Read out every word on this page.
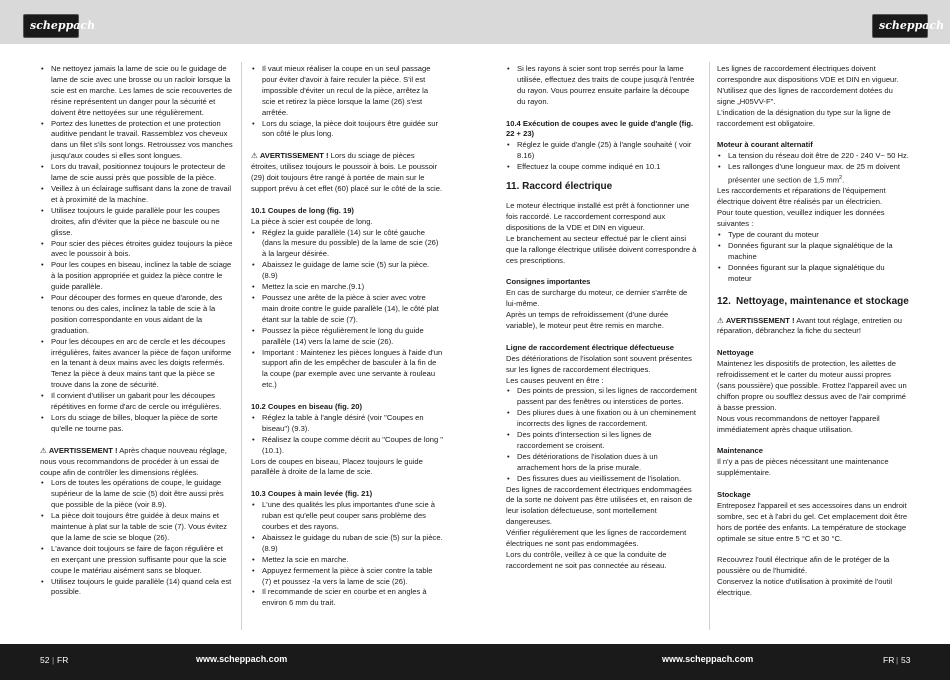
scheppach	scheppach
• Ne nettoyez jamais la lame de scie ou le guidage de lame de scie avec une brosse ou un racloir lorsque la scie est en marche. Les lames de scie recouvertes de résine représentent un danger pour la sécurité et doivent être nettoyées sur une régulièrement.
• Portez des lunettes de protection et une protection auditive pendant le travail. Rassemblez vos cheveux dans un filet s'ils sont longs. Retroussez vos manches jusqu'aux coudes si elles sont longues.
• Lors du travail, positionnez toujours le protecteur de lame de scie aussi près que possible de la pièce.
• Veillez à un éclairage suffisant dans la zone de travail et à proximité de la machine.
• Utilisez toujours le guide parallèle pour les coupes droites, afin d'éviter que la pièce ne bascule ou ne glisse.
• Pour scier des pièces étroites guidez toujours la pièce avec le poussoir à bois.
• Pour les coupes en biseau, inclinez la table de sciage à la position appropriée et guidez la pièce contre le guide parallèle.
• Pour découper des formes en queue d'aronde, des tenons ou des cales, inclinez la table de scie à la position correspondante en vous aidant de la graduation.
• Pour les découpes en arc de cercle et les découpes irrégulières, faites avancer la pièce de façon uniforme en la tenant à deux mains avec les doigts refermés. Tenez la pièce à deux mains tant que la pièce se trouve dans la zone de sécurité.
• Il convient d'utiliser un gabarit pour les découpes répétitives en forme d'arc de cercle ou irrégulières.
• Lors du sciage de billes, bloquer la pièce de sorte qu'elle ne tourne pas.

⚠ AVERTISSEMENT ! Après chaque nouveau réglage, nous vous recommandons de procéder à un essai de coupe afin de contrôler les dimensions réglées.

• Lors de toutes les opérations de coupe, le guidage supérieur de la lame de scie (5) doit être aussi près que possible de la pièce (voir 8.9).
• La pièce doit toujours être guidée à deux mains et maintenue à plat sur la table de scie (7). Vous évitez que la lame de scie se bloque (26).
• L'avance doit toujours se faire de façon régulière et en exerçant une pression suffisante pour que la scie coupe le matériau aisément sans se bloquer.
• Utilisez toujours le guide parallèle (14) quand cela est possible.
• Il vaut mieux réaliser la coupe en un seul passage pour éviter d'avoir à faire reculer la pièce. S'il est impossible d'éviter un recul de la pièce, arrêtez la scie et retirez la pièce lorsque la lame (26) s'est arrêtée.
• Lors du sciage, la pièce doit toujours être guidée sur son côté le plus long.

⚠ AVERTISSEMENT ! Lors du sciage de pièces étroites, utilisez toujours le poussoir à bois. Le poussoir (29) doit toujours être rangé à portée de main sur le support prévu à cet effet (60) placé sur le côté de la scie.

10.1 Coupes de long (fig. 19)

La pièce à scier est coupée de long.

• Réglez la guide parallèle (14) sur le côté gauche (dans la mesure du possible) de la lame de scie (26) à la largeur désirée.
• Abaissez le guidage de lame scie (5) sur la pièce. (8.9)
• Mettez la scie en marche.(9.1)
• Poussez une arête de la pièce à scier avec votre main droite contre le guide parallèle (14), le côté plat étant sur la table de scie (7).
• Poussez la pièce régulièrement le long du guide parallèle (14) vers la lame de scie (26).
• Important : Maintenez les pièces longues à l'aide d'un support afin de les empêcher de basculer à la fin de la coupe (par exemple avec une servante à rouleau etc.)

10.2 Coupes en biseau (fig. 20)

• Réglez la table à l'angle désiré (voir "Coupes en biseau") (9.3).
• Réalisez la coupe comme décrit au "Coupes de long " (10.1).

Lors de coupes en biseau, Placez toujours le guide parallèle à droite de la lame de scie.

10.3 Coupes à main levée (fig. 21)

• L'une des qualités les plus importantes d'une scie à ruban est qu'elle peut couper sans problème des courbes et des rayons.
• Abaissez le guidage du ruban de scie (5) sur la pièce. (8.9)
• Mettez la scie en marche.
• Appuyez fermement la pièce à scier contre la table (7) et poussez -la vers la lame de scie (26).
• Il recommande de scier en courbe et en angles à environ 6 mm du trait.
• Si les rayons à scier sont trop serrés pour la lame utilisée, effectuez des traits de coupe jusqu'à l'entrée du rayon. Vous pourrez ensuite parfaire la découpe du rayon.

10.4 Exécution de coupes avec le guide d'angle (fig. 22 + 23)

• Réglez le guide d'angle (25) à l'angle souhaité ( voir 8.16)
• Effectuez la coupe comme indiqué en 10.1

11. Raccord électrique

Le moteur électrique installé est prêt à fonctionner une fois raccordé. Le raccordement correspond aux dispositions de la VDE et DIN en vigueur.

Le branchement au secteur effectué par le client ainsi que la rallonge électrique utilisée doivent correspondre à ces prescriptions.

Consignes importantes

En cas de surcharge du moteur, ce dernier s'arrête de lui-même.

Après un temps de refroidissement (d'une durée variable), le moteur peut être remis en marche.

Ligne de raccordement électrique défectueuse

Des détériorations de l'isolation sont souvent présentes sur les lignes de raccordement électriques.

Les causes peuvent en être :

• Des points de pression, si les lignes de raccordement passent par des fenêtres ou interstices de portes.
• Des pliures dues à une fixation ou à un cheminement incorrects des lignes de raccordement.
• Des points d'intersection si les lignes de raccordement se croisent.
• Des détériorations de l'isolation dues à un arrachement hors de la prise murale.
• Des fissures dues au vieillissement de l'isolation.

Des lignes de raccordement électriques endommagées de la sorte ne doivent pas être utilisées et, en raison de leur isolation défectueuse, sont mortellement dangereuses.

Vérifier régulièrement que les lignes de raccordement électriques ne sont pas endommagées.

Lors du contrôle, veillez à ce que la conduite de raccordement ne soit pas connectée au réseau.

Les lignes de raccordement électriques doivent correspondre aux dispositions VDE et DIN en vigueur. N'utilisez que des lignes de raccordement dotées du signe „H05VV-F".

L'indication de la désignation du type sur la ligne de raccordement est obligatoire.

Moteur à courant alternatif

• La tension du réseau doit être de 220 - 240 V~ 50 Hz.
• Les rallonges d'une longueur max. de 25 m doivent présenter une section de 1,5 $mm^2$.

Les raccordements et réparations de l'équipement électrique doivent être réalisés par un électricien.

Pour toute question, veuillez indiquer les données suivantes :

• Type de courant du moteur
• Données figurant sur la plaque signalétique de la machine
• Données figurant sur la plaque signalétique du moteur
12. Nettoyage, maintenance et stockage

⚠ AVERTISSEMENT ! Avant tout réglage, entretien ou réparation, débranchez la fiche du secteur!

Nettoyage

Maintenez les dispositifs de protection, les ailettes de refroidissement et le carter du moteur aussi propres (sans poussière) que possible. Frottez l'appareil avec un chiffon propre ou soufflez dessus avec de l'air comprimé à basse pression.

Nous vous recommandons de nettoyer l'appareil immédiatement après chaque utilisation.

Maintenance

Il n'y a pas de pièces nécessitant une maintenance supplémentaire.

Stockage

Entreposez l'appareil et ses accessoires dans un endroit sombre, sec et à l'abri du gel. Cet emplacement doit être hors de portée des enfants. La température de stockage optimale se situe entre 5 °C et 30 °C.

Recouvrez l'outil électrique afin de le protéger de la poussière ou de l'humidité.

Conservez la notice d'utilisation à proximité de l'outil électrique.

52 | FR	www.scheppach.com	www.scheppach.com	FR | 53
